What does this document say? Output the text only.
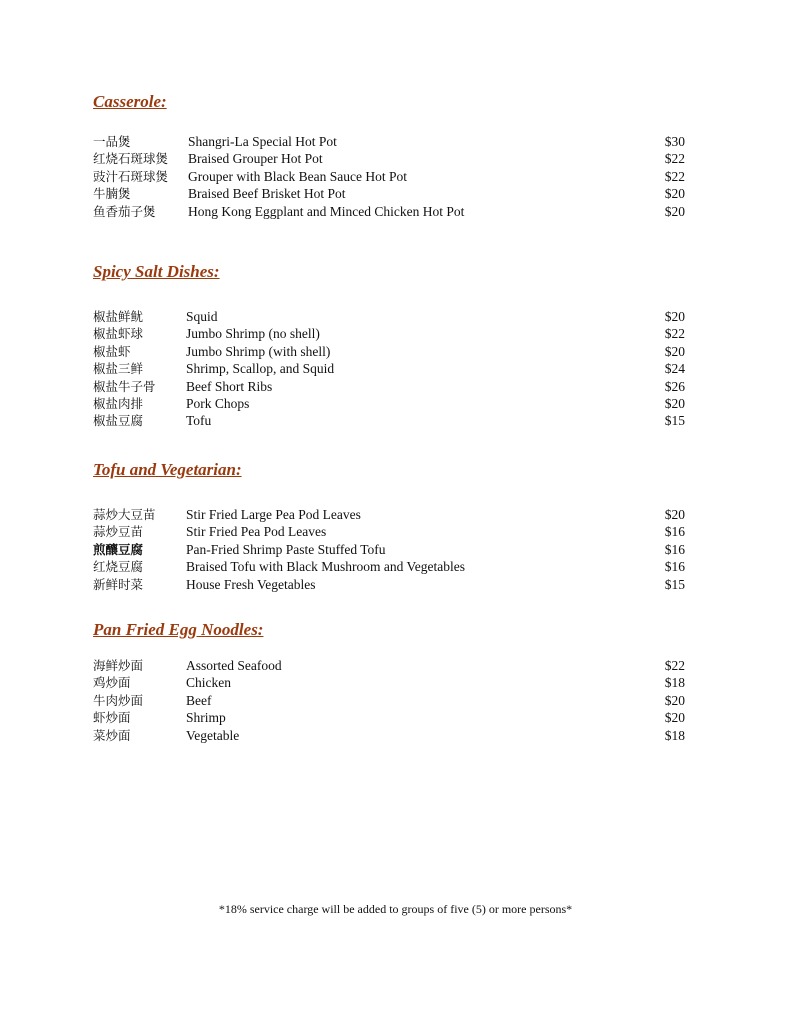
Casserole:
一品煲	Shangri-La Special Hot Pot	$30
红烧石斑球煲 Braised Grouper Hot Pot	$22
豉汁石斑球煲 Grouper with Black Bean Sauce Hot Pot	$22
牛腩煲	Braised Beef Brisket Hot Pot	$20
鱼香茄子煲 Hong Kong Eggplant and Minced Chicken Hot Pot	$20
Spicy Salt Dishes:
椒盐鲜鱿	Squid	$20
椒盐虾球	Jumbo Shrimp (no shell)	$22
椒盐虾	Jumbo Shrimp (with shell)	$20
椒盐三鲜	Shrimp, Scallop, and Squid	$24
椒盐牛子骨 Beef Short Ribs	$26
椒盐肉排	Pork Chops	$20
椒盐豆腐	Tofu	$15
Tofu and Vegetarian:
蒜炒大豆苗 Stir Fried Large Pea Pod Leaves	$20
蒜炒豆苗	Stir Fried Pea Pod Leaves	$16
煎釀豆腐	Pan-Fried Shrimp Paste Stuffed Tofu	$16
红烧豆腐	Braised Tofu with Black Mushroom and Vegetables	$16
新鲜时菜	House Fresh Vegetables	$15
Pan Fried Egg Noodles:
海鲜炒面	Assorted Seafood	$22
鸡炒面	Chicken	$18
牛肉炒面	Beef	$20
虾炒面	Shrimp	$20
菜炒面	Vegetable	$18
*18% service charge will be added to groups of five (5) or more persons*
